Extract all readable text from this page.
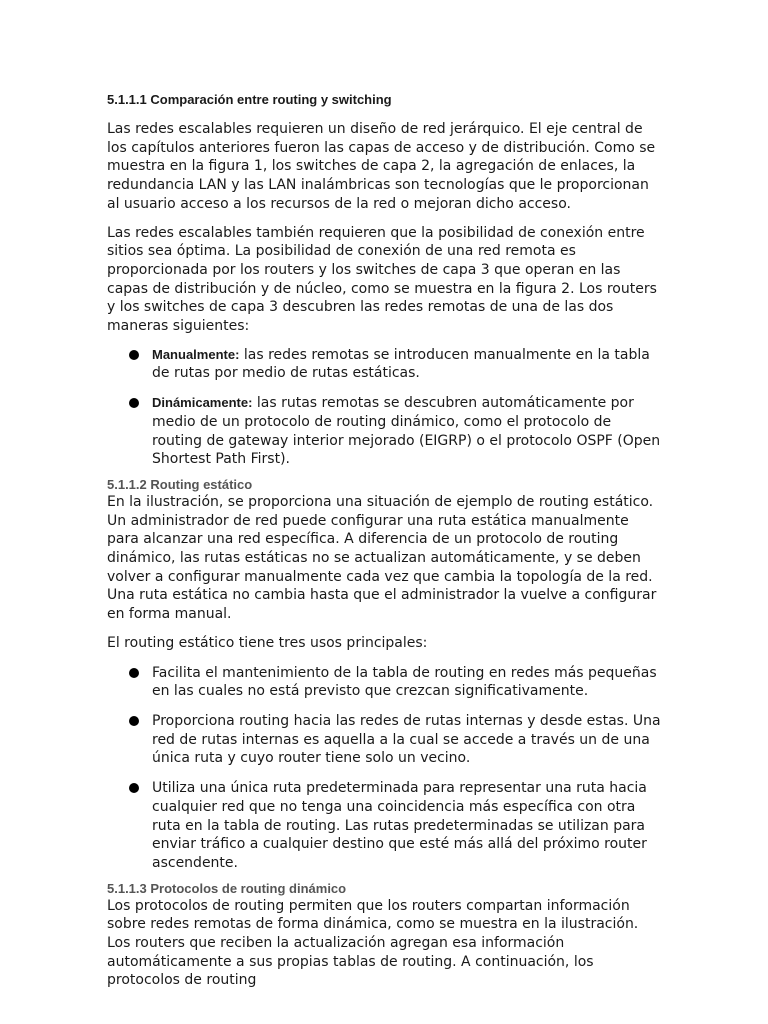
5.1.1.1 Comparación entre routing y switching

Las redes escalables requieren un diseño de red jerárquico. El eje central de los capítulos anteriores fueron las capas de acceso y de distribución. Como se muestra en la figura 1, los switches de capa 2, la agregación de enlaces, la redundancia LAN y las LAN inalámbricas son tecnologías que le proporcionan al usuario acceso a los recursos de la red o mejoran dicho acceso.

Las redes escalables también requieren que la posibilidad de conexión entre sitios sea óptima. La posibilidad de conexión de una red remota es proporcionada por los routers y los switches de capa 3 que operan en las capas de distribución y de núcleo, como se muestra en la figura 2. Los routers y los switches de capa 3 descubren las redes remotas de una de las dos maneras siguientes:

Manualmente: las redes remotas se introducen manualmente en la tabla de rutas por medio de rutas estáticas.
Dinámicamente: las rutas remotas se descubren automáticamente por medio de un protocolo de routing dinámico, como el protocolo de routing de gateway interior mejorado (EIGRP) o el protocolo OSPF (Open Shortest Path First).
5.1.1.2 Routing estático

En la ilustración, se proporciona una situación de ejemplo de routing estático. Un administrador de red puede configurar una ruta estática manualmente para alcanzar una red específica. A diferencia de un protocolo de routing dinámico, las rutas estáticas no se actualizan automáticamente, y se deben volver a configurar manualmente cada vez que cambia la topología de la red. Una ruta estática no cambia hasta que el administrador la vuelve a configurar en forma manual.

El routing estático tiene tres usos principales:

Facilita el mantenimiento de la tabla de routing en redes más pequeñas en las cuales no está previsto que crezcan significativamente.
Proporciona routing hacia las redes de rutas internas y desde estas. Una red de rutas internas es aquella a la cual se accede a través un de una única ruta y cuyo router tiene solo un vecino.
Utiliza una única ruta predeterminada para representar una ruta hacia cualquier red que no tenga una coincidencia más específica con otra ruta en la tabla de routing. Las rutas predeterminadas se utilizan para enviar tráfico a cualquier destino que esté más allá del próximo router ascendente.
5.1.1.3 Protocolos de routing dinámico

Los protocolos de routing permiten que los routers compartan información sobre redes remotas de forma dinámica, como se muestra en la ilustración. Los routers que reciben la actualización agregan esa información automáticamente a sus propias tablas de routing. A continuación, los protocolos de routing
